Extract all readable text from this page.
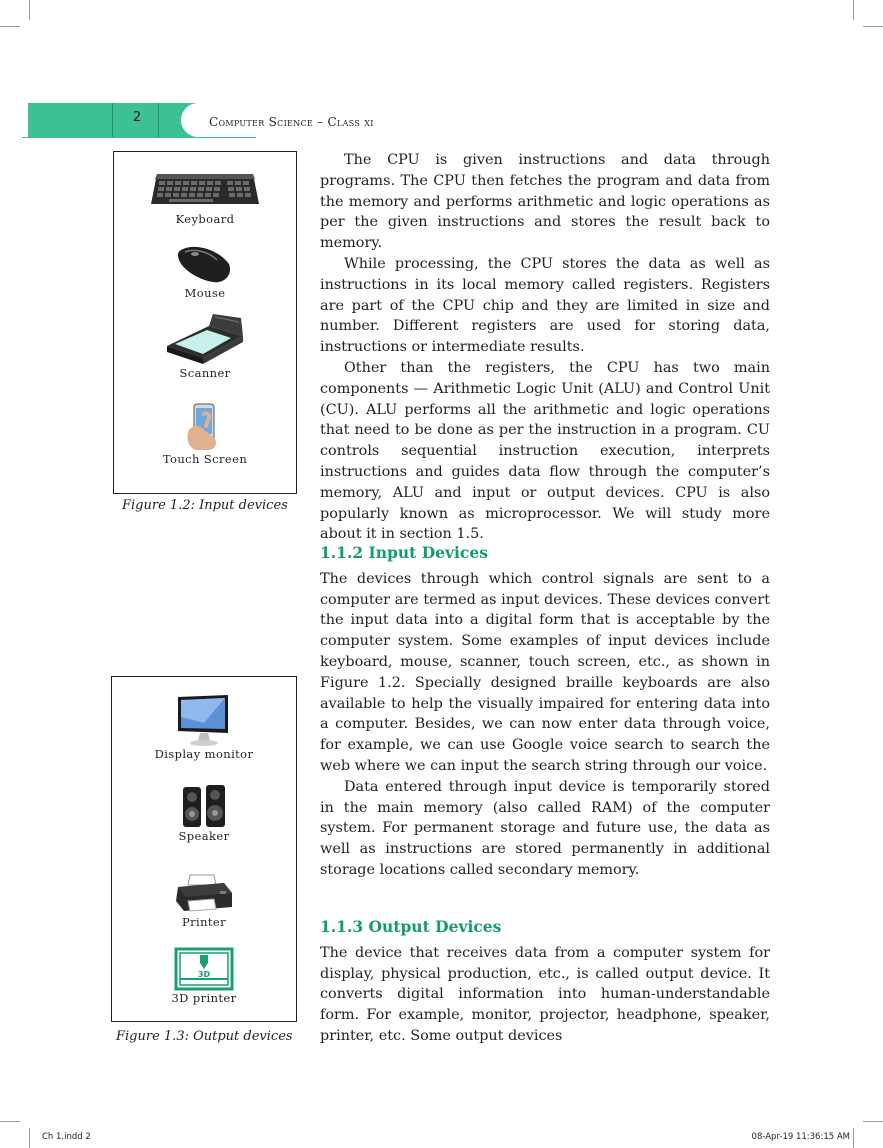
2	Computer Science – Class xi
Keyboard
Mouse
Scanner
Touch Screen
Figure 1.2: Input devices
Display monitor
Speaker
Printer
3D
3D printer
Figure 1.3: Output devices

The CPU is given instructions and data through programs. The CPU then fetches the program and data from the memory and performs arithmetic and logic operations as per the given instructions and stores the result back to memory.

While processing, the CPU stores the data as well as instructions in its local memory called registers. Registers are part of the CPU chip and they are limited in size and number. Different registers are used for storing data, instructions or intermediate results.

Other than the registers, the CPU has two main components — Arithmetic Logic Unit (ALU) and Control Unit (CU). ALU performs all the arithmetic and logic operations that need to be done as per the instruction in a program. CU controls sequential instruction execution, interprets instructions and guides data flow through the computer’s memory, ALU and input or output devices. CPU is also popularly known as microprocessor. We will study more about it in section 1.5.

1.1.2 Input Devices

The devices through which control signals are sent to a computer are termed as input devices. These devices convert the input data into a digital form that is acceptable by the computer system. Some examples of input devices include keyboard, mouse, scanner, touch screen, etc., as shown in Figure 1.2. Specially designed braille keyboards are also available to help the visually impaired for entering data into a computer. Besides, we can now enter data through voice, for example, we can use Google voice search to search the web where we can input the search string through our voice.

Data entered through input device is temporarily stored in the main memory (also called RAM) of the computer system. For permanent storage and future use, the data as well as instructions are stored permanently in additional storage locations called secondary memory.

1.1.3 Output Devices

The device that receives data from a computer system for display, physical production, etc., is called output device. It converts digital information into human-understandable form. For example, monitor, projector, headphone, speaker, printer, etc. Some output devices

Ch 1.indd 2	08-Apr-19 11:36:15 AM
